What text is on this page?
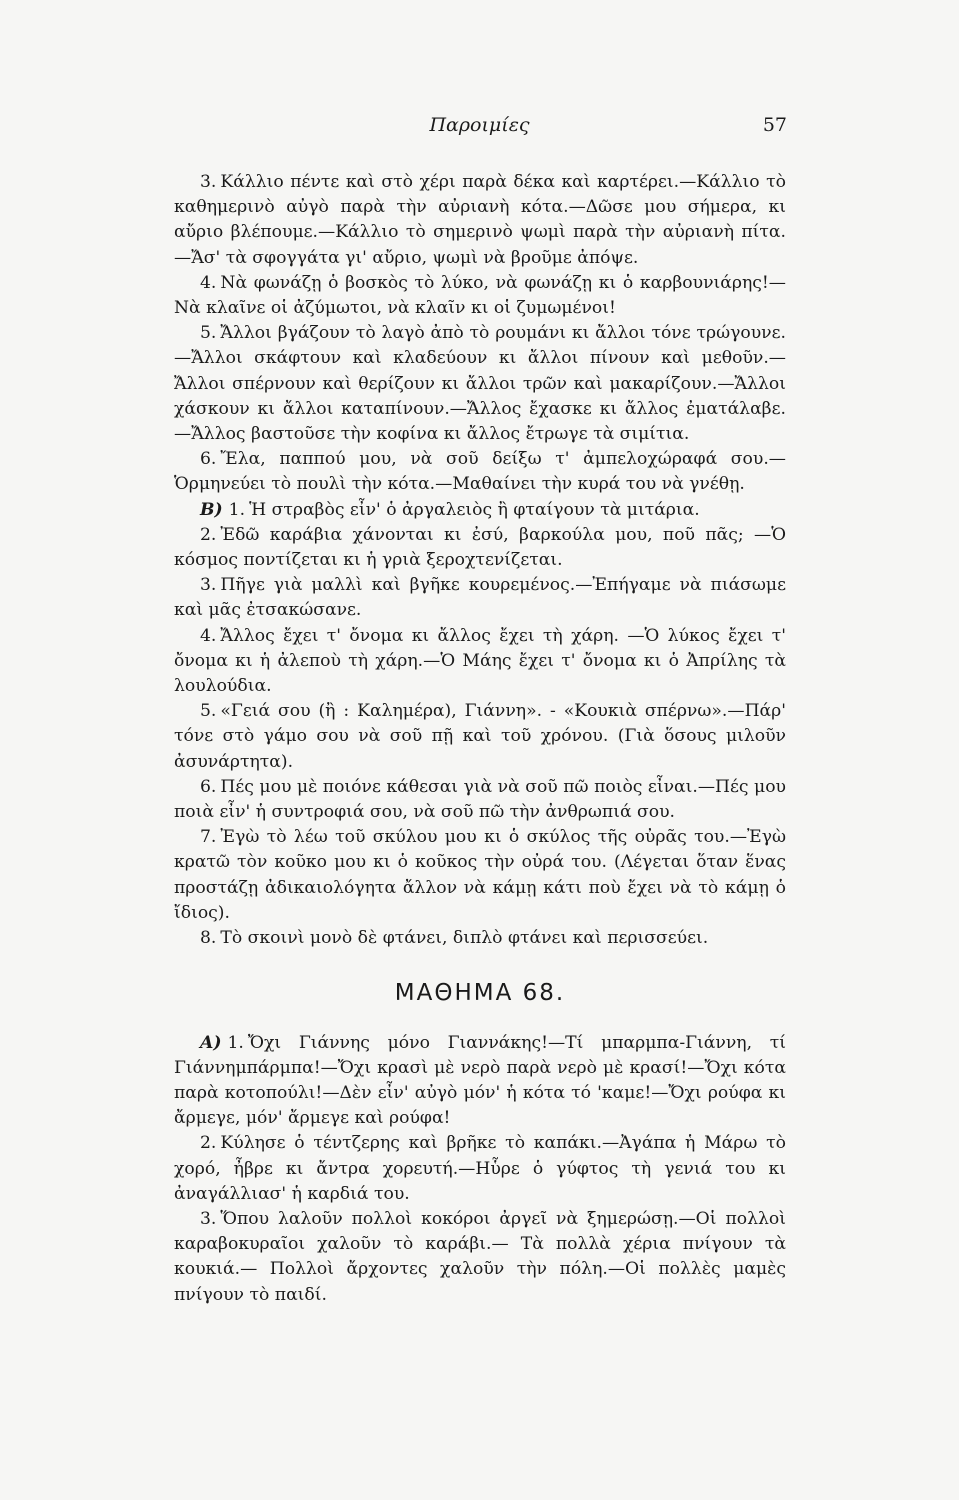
Παροιμίες	57

3. Κάλλιο πέντε καὶ στὸ χέρι παρὰ δέκα καὶ καρτέρει.—Κάλλιο τὸ καθημερινὸ αὐγὸ παρὰ τὴν αὐριανὴ κότα.—Δῶσε μου σήμερα, κι αὔριο βλέπουμε.—Κάλλιο τὸ σημερινὸ ψωμὶ παρὰ τὴν αὐριανὴ πίτα.—Ἄσ' τὰ σφογγάτα γι' αὔριο, ψωμὶ νὰ βροῦμε ἀπόψε.

4. Νὰ φωνάζῃ ὁ βοσκὸς τὸ λύκο, νὰ φωνάζῃ κι ὁ καρβουνιάρης!—Νὰ κλαῖνε οἱ ἀζύμωτοι, νὰ κλαῖν κι οἱ ζυμωμένοι!

5. Ἄλλοι βγάζουν τὸ λαγὸ ἀπὸ τὸ ρουμάνι κι ἄλλοι τόνε τρώγουνε.—Ἄλλοι σκάφτουν καὶ κλαδεύουν κι ἄλλοι πίνουν καὶ μεθοῦν.—Ἄλλοι σπέρνουν καὶ θερίζουν κι ἄλλοι τρῶν καὶ μακαρίζουν.—Ἄλλοι χάσκουν κι ἄλλοι καταπίνουν.—Ἄλλος ἔχασκε κι ἄλλος ἐματάλαβε.—Ἄλλος βαστοῦσε τὴν κοφίνα κι ἄλλος ἔτρωγε τὰ σιμίτια.

6. Ἔλα, παππού μου, νὰ σοῦ δείξω τ' ἀμπελοχώραφά σου.—Ὁρμηνεύει τὸ πουλὶ τὴν κότα.—Μαθαίνει τὴν κυρά του νὰ γνέθῃ.

Β) 1. Ἡ στραβὸς εἶν' ὁ ἀργαλειὸς ἢ φταίγουν τὰ μιτάρια.

2. Ἐδῶ καράβια χάνονται κι ἐσύ, βαρκούλα μου, ποῦ πᾶς; —Ὁ κόσμος ποντίζεται κι ἡ γριὰ ξεροχτενίζεται.

3. Πῆγε γιὰ μαλλὶ καὶ βγῆκε κουρεμένος.—Ἐπήγαμε νὰ πιάσωμε καὶ μᾶς ἐτσακώσανε.

4. Ἄλλος ἔχει τ' ὄνομα κι ἄλλος ἔχει τὴ χάρη. —Ὁ λύκος ἔχει τ' ὄνομα κι ἡ ἀλεποὺ τὴ χάρη.—Ὁ Μάης ἔχει τ' ὄνομα κι ὁ Ἀπρίλης τὰ λουλούδια.

5. «Γειά σου (ἢ : Καλημέρα), Γιάννη». - «Κουκιὰ σπέρνω».—Πάρ' τόνε στὸ γάμο σου νὰ σοῦ πῇ καὶ τοῦ χρόνου. (Γιὰ ὅσους μιλοῦν ἀσυνάρτητα).

6. Πές μου μὲ ποιόνε κάθεσαι γιὰ νὰ σοῦ πῶ ποιὸς εἶναι.—Πές μου ποιὰ εἶν' ἡ συντροφιά σου, νὰ σοῦ πῶ τὴν ἀνθρωπιά σου.

7. Ἐγὼ τὸ λέω τοῦ σκύλου μου κι ὁ σκύλος τῆς οὐρᾶς του.—Ἐγὼ κρατῶ τὸν κοῦκο μου κι ὁ κοῦκος τὴν οὐρά του. (Λέγεται ὅταν ἕνας προστάζῃ ἀδικαιολόγητα ἄλλον νὰ κάμῃ κάτι ποὺ ἔχει νὰ τὸ κάμῃ ὁ ἴδιος).

8. Τὸ σκοινὶ μονὸ δὲ φτάνει, διπλὸ φτάνει καὶ περισσεύει.

ΜΑΘΗΜΑ 68.

Α) 1. Ὄχι Γιάννης μόνο Γιαννάκης!—Τί μπαρμπα-Γιάννη, τί Γιάννημπάρμπα!—Ὄχι κρασὶ μὲ νερὸ παρὰ νερὸ μὲ κρασί!—Ὄχι κότα παρὰ κοτοπούλι!—Δὲν εἶν' αὐγὸ μόν' ἡ κότα τό 'καμε!—Ὄχι ρούφα κι ἄρμεγε, μόν' ἄρμεγε καὶ ρούφα!

2. Κύλησε ὁ τέντζερης καὶ βρῆκε τὸ καπάκι.—Ἀγάπα ἡ Μάρω τὸ χορό, ἦβρε κι ἄντρα χορευτή.—Ηὗρε ὁ γύφτος τὴ γενιά του κι ἀναγάλλιασ' ἡ καρδιά του.

3. Ὅπου λαλοῦν πολλοὶ κοκόροι ἀργεῖ νὰ ξημερώσῃ.—Οἱ πολλοὶ καραβοκυραῖοι χαλοῦν τὸ καράβι.— Τὰ πολλὰ χέρια πνίγουν τὰ κουκιά.— Πολλοὶ ἄρχοντες χαλοῦν τὴν πόλη.—Οἱ πολλὲς μαμὲς πνίγουν τὸ παιδί.
